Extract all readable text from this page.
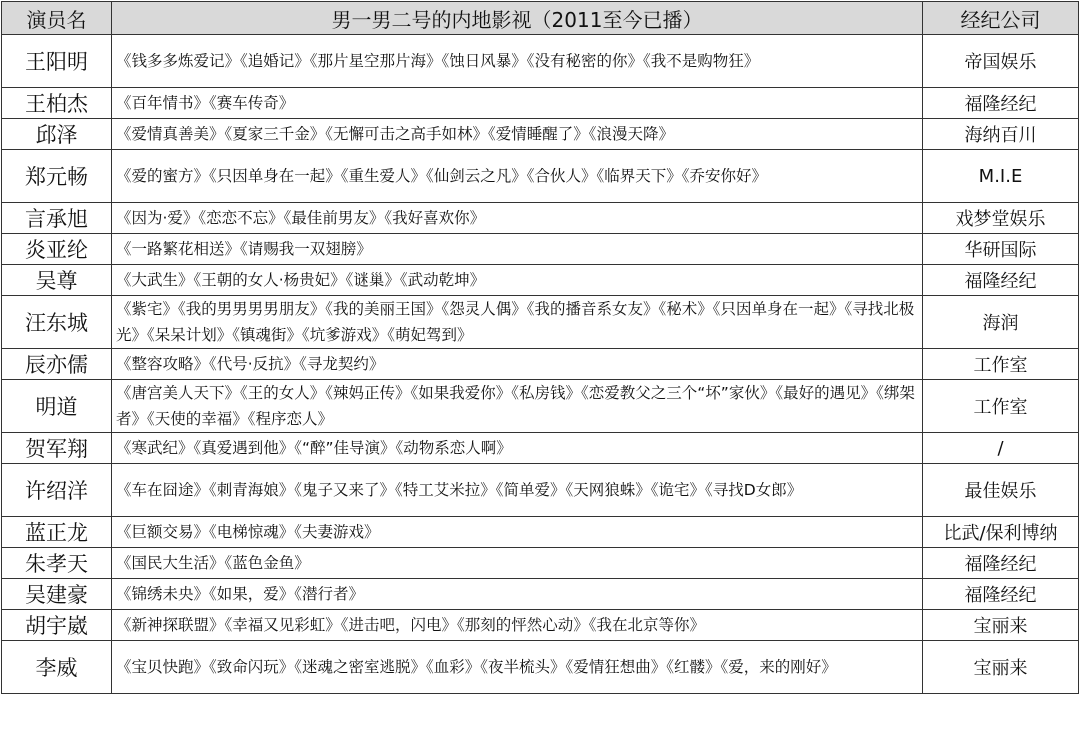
演员名	男一男二号的内地影视（2011至今已播）	经纪公司
王阳明	《钱多多炼爱记》《追婚记》《那片星空那片海》《蚀日风暴》《没有秘密的你》《我不是购物狂》	帝国娱乐
王柏杰	《百年情书》《赛车传奇》	福隆经纪
邱泽	《爱情真善美》《夏家三千金》《无懈可击之高手如林》《爱情睡醒了》《浪漫天降》	海纳百川
郑元畅	《爱的蜜方》《只因单身在一起》《重生爱人》《仙剑云之凡》《合伙人》《临界天下》《乔安你好》	M.I.E
言承旭	《因为·爱》《恋恋不忘》《最佳前男友》《我好喜欢你》	戏梦堂娱乐
炎亚纶	《一路繁花相送》《请赐我一双翅膀》	华研国际
吴尊	《大武生》《王朝的女人·杨贵妃》《谜巢》《武动乾坤》	福隆经纪
汪东城	《紫宅》《我的男男男男朋友》《我的美丽王国》《怨灵人偶》《我的播音系女友》《秘术》《只因单身在一起》《寻找北极光》《呆呆计划》《镇魂街》《坑爹游戏》《萌妃驾到》	海润
辰亦儒	《整容攻略》《代号·反抗》《寻龙契约》	工作室
明道	《唐宫美人天下》《王的女人》《辣妈正传》《如果我爱你》《私房钱》《恋爱教父之三个“坏”家伙》《最好的遇见》《绑架者》《天使的幸福》《程序恋人》	工作室
贺军翔	《寒武纪》《真爱遇到他》《“醉”佳导演》《动物系恋人啊》	/
许绍洋	《车在囧途》《刺青海娘》《鬼子又来了》《特工艾米拉》《简单爱》《天网狼蛛》《诡宅》《寻找D女郎》	最佳娱乐
蓝正龙	《巨额交易》《电梯惊魂》《夫妻游戏》	比武/保利博纳
朱孝天	《国民大生活》《蓝色金鱼》	福隆经纪
吴建豪	《锦绣未央》《如果，爱》《潜行者》	福隆经纪
胡宇崴	《新神探联盟》《幸福又见彩虹》《进击吧，闪电》《那刻的怦然心动》《我在北京等你》	宝丽来
李威	《宝贝快跑》《致命闪玩》《迷魂之密室逃脱》《血彩》《夜半梳头》《爱情狂想曲》《红髅》《爱，来的刚好》	宝丽来
